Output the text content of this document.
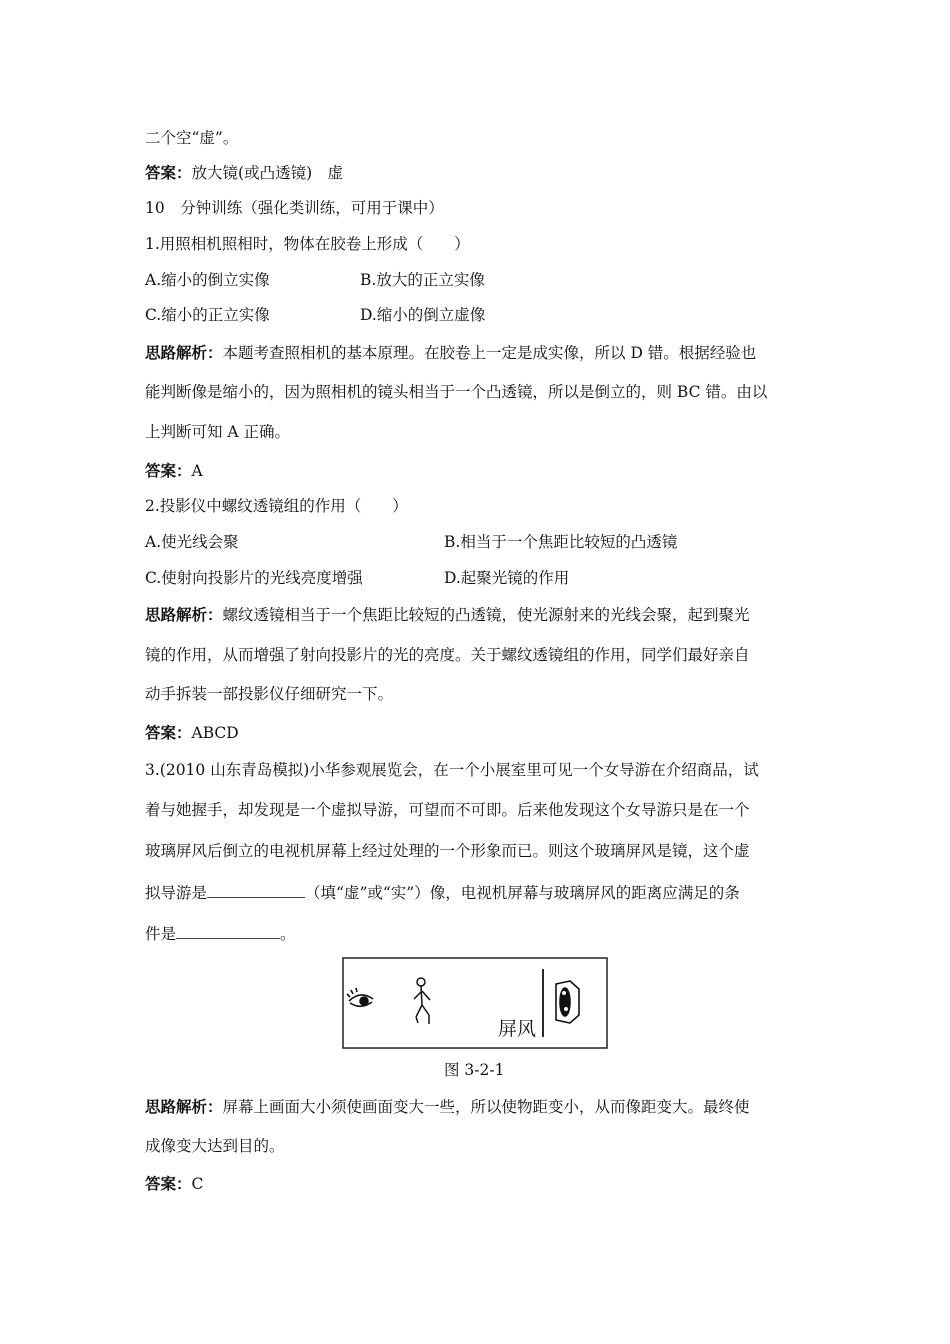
二个空“虚”。
答案：放大镜(或凸透镜)　虚
10　分钟训练（强化类训练，可用于课中）
1.用照相机照相时，物体在胶卷上形成（　　）
A.缩小的倒立实像	B.放大的正立实像
C.缩小的正立实像	D.缩小的倒立虚像
思路解析：本题考查照相机的基本原理。在胶卷上一定是成实像，所以 D 错。根据经验也
能判断像是缩小的，因为照相机的镜头相当于一个凸透镜，所以是倒立的，则 BC 错。由以
上判断可知 A 正确。
答案：A
2.投影仪中螺纹透镜组的作用（　　）
A.使光线会聚	B.相当于一个焦距比较短的凸透镜
C.使射向投影片的光线亮度增强	D.起聚光镜的作用
思路解析：螺纹透镜相当于一个焦距比较短的凸透镜，使光源射来的光线会聚，起到聚光
镜的作用，从而增强了射向投影片的光的亮度。关于螺纹透镜组的作用，同学们最好亲自
动手拆装一部投影仪仔细研究一下。
答案：ABCD
3.(2010 山东青岛模拟)小华参观展览会，在一个小展室里可见一个女导游在介绍商品，试
着与她握手，却发现是一个虚拟导游，可望而不可即。后来他发现这个女导游只是在一个
玻璃屏风后倒立的电视机屏幕上经过处理的一个形象而已。则这个玻璃屏风是镜，这个虚
拟导游是	（填“虚”或“实”）像，电视机屏幕与玻璃屏风的距离应满足的条
件是	。
屏风
图 3-2-1
思路解析：屏幕上画面大小须使画面变大一些，所以使物距变小，从而像距变大。最终使
成像变大达到目的。
答案：C
